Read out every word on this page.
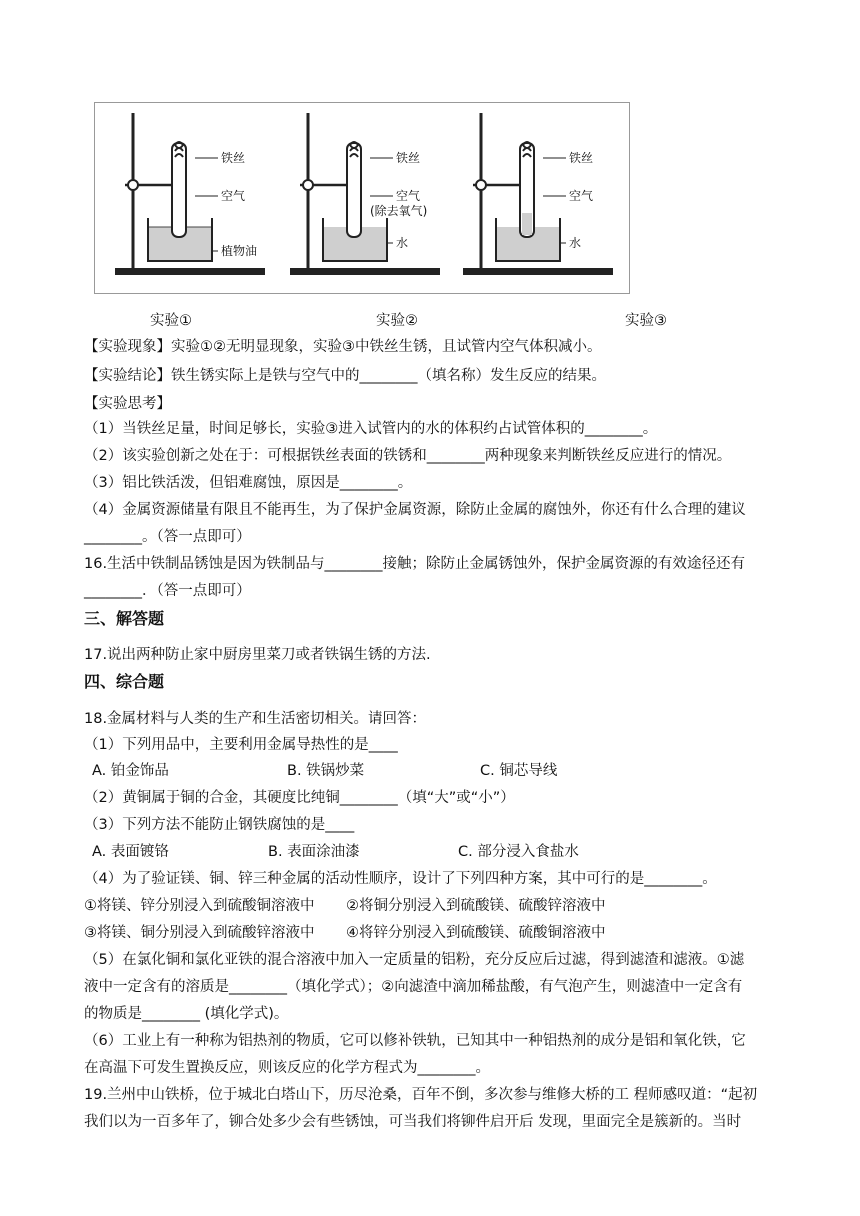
铁丝
空气
植物油
铁丝
空气
(除去氧气)
水
铁丝
空气
水
实验①	实验②	实验③
【实验现象】实验①②无明显现象，实验③中铁丝生锈，且试管内空气体积减小。
【实验结论】铁生锈实际上是铁与空气中的________（填名称）发生反应的结果。
【实验思考】
（1）当铁丝足量，时间足够长，实验③进入试管内的水的体积约占试管体积的________。
（2）该实验创新之处在于：可根据铁丝表面的铁锈和________两种现象来判断铁丝反应进行的情况。
（3）铝比铁活泼，但铝难腐蚀，原因是________。
（4）金属资源储量有限且不能再生，为了保护金属资源，除防止金属的腐蚀外，你还有什么合理的建议
________。（答一点即可）
16.生活中铁制品锈蚀是因为铁制品与________接触；除防止金属锈蚀外，保护金属资源的有效途径还有
________．（答一点即可）
三、解答题
17.说出两种防止家中厨房里菜刀或者铁锅生锈的方法.
四、综合题
18.金属材料与人类的生产和生活密切相关。请回答：
（1）下列用品中，主要利用金属导热性的是____
A. 铂金饰品	B. 铁锅炒菜	C. 铜芯导线
（2）黄铜属于铜的合金，其硬度比纯铜________（填“大”或“小”）
（3）下列方法不能防止钢铁腐蚀的是____
A. 表面镀铬	B. 表面涂油漆	C. 部分浸入食盐水
（4）为了验证镁、铜、锌三种金属的活动性顺序，设计了下列四种方案，其中可行的是________。
①将镁、锌分别浸入到硫酸铜溶液中 ②将铜分别浸入到硫酸镁、硫酸锌溶液中
③将镁、铜分别浸入到硫酸锌溶液中 ④将锌分别浸入到硫酸镁、硫酸铜溶液中
（5）在氯化铜和氯化亚铁的混合溶液中加入一定质量的铝粉，充分反应后过滤，得到滤渣和滤液。①滤
液中一定含有的溶质是________（填化学式）；②向滤渣中滴加稀盐酸，有气泡产生，则滤渣中一定含有
的物质是________ (填化学式)。
（6）工业上有一种称为铝热剂的物质，它可以修补铁轨，已知其中一种铝热剂的成分是铝和氧化铁，它
在高温下可发生置换反应，则该反应的化学方程式为________。
19.兰州中山铁桥，位于城北白塔山下，历尽沧桑，百年不倒，多次参与维修大桥的工 程师感叹道：“起初
我们以为一百多年了，铆合处多少会有些锈蚀，可当我们将铆件启开后 发现，里面完全是簇新的。当时
